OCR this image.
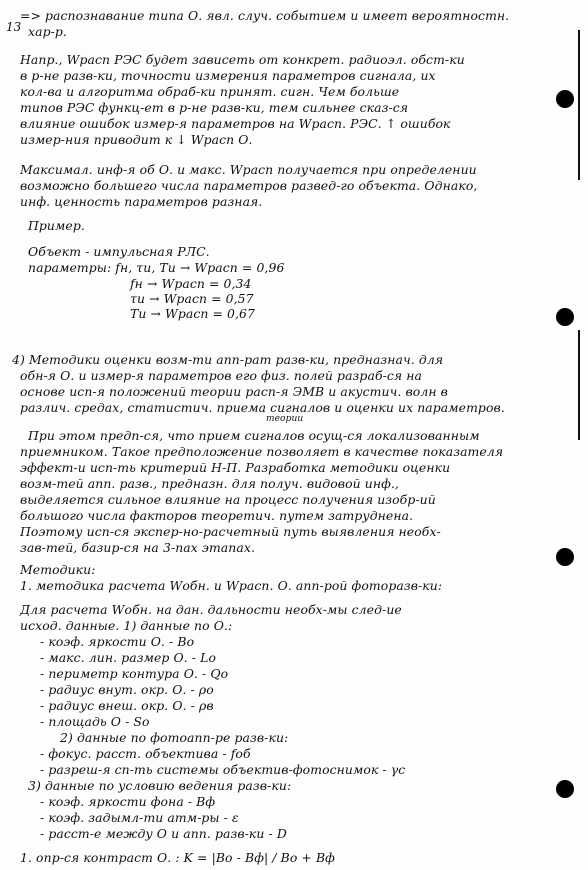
13
=> распознавание типа О. явл. случ. событием и имеет вероятностн.
хар-р.
Напр., Wрасп РЭС будет зависеть от конкрет. радиоэл. обст-ки
в р-не разв-ки, точности измерения параметров сигнала, их
кол-ва и алгоритма обраб-ки принят. сигн. Чем больше
типов РЭС функц-ет в р-не разв-ки, тем сильнее сказ-ся
влияние ошибок измер-я параметров на Wрасп. РЭС. ↑ ошибок
измер-ния приводит к ↓ Wрасп О.
Максимал. инф-я об О. и макс. Wрасп получается при определении
возможно большего числа параметров развед-го объекта. Однако,
инф. ценность параметров разная.
Пример.
Объект - импульсная РЛС.
параметры: fн, τи, Tи → Wрасп = 0,96
fн → Wрасп = 0,34
τи → Wрасп = 0,57
Tи → Wрасп = 0,67
4) Методики оценки возм-ти апп-рат разв-ки, предназнач. для
обн-я О. и измер-я параметров его физ. полей разраб-ся на
основе исп-я положений теории расп-я ЭМВ и акустич. волн в
различ. средах, статистич. приема сигналов и оценки их параметров.
теории
При этом предп-ся, что прием сигналов осущ-ся локализованным
приемником. Такое предположение позволяет в качестве показателя
эффект-и исп-ть критерий Н-П. Разработка методики оценки
возм-тей апп. разв., предназн. для получ. видовой инф.,
выделяется сильное влияние на процесс получения изобр-ий
большого числа факторов теоретич. путем затруднена.
Поэтому исп-ся экспер-но-расчетный путь выявления необх-
зав-тей, базир-ся на 3-пах этапах.
Методики:
1. методика расчета Wобн. и Wрасп. О. апп-рой фоторазв-ки:
Для расчета Wобн. на дан. дальности необх-мы след-ие
исход. данные. 1) данные по О.:
- коэф. яркости О. - Bо
- макс. лин. размер О. - Lо
- периметр контура О. - Qо
- радиус внут. окр. О. - ρо
- радиус внеш. окр. О. - ρв
- площадь О - Sо
2) данные по фотоапп-ре разв-ки:
- фокус. расст. объектива - fоб
- разреш-я сп-ть системы объектив-фотоснимок - γс
3) данные по условию ведения разв-ки:
- коэф. яркости фона - Bф
- коэф. задымл-ти атм-ры - ε
- расст-е между О и апп. разв-ки - D
1. опр-ся контраст О. : K = |Bо - Bф| / Bо + Bф
